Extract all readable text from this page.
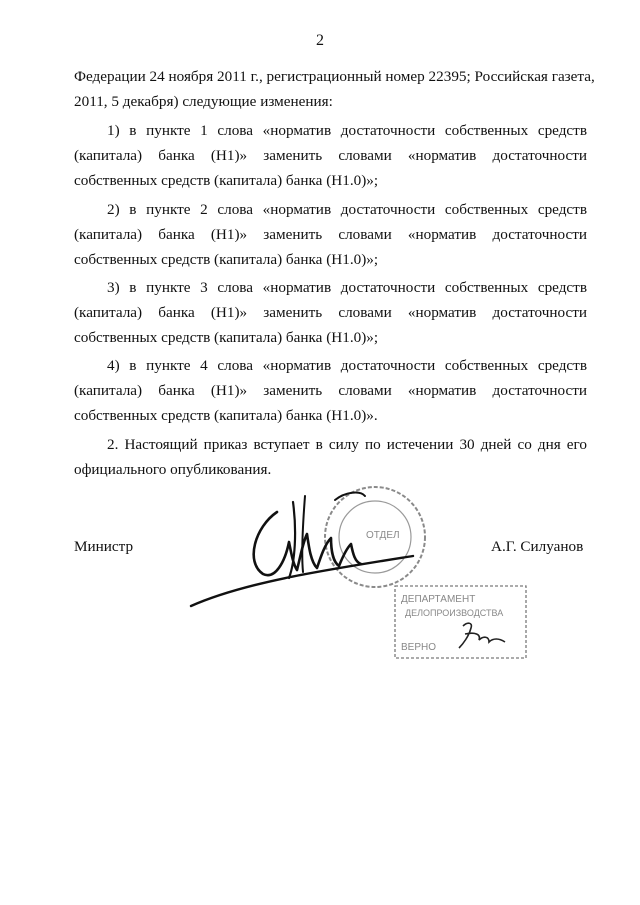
2
Федерации 24 ноября 2011 г., регистрационный номер 22395; Российская газета,
2011, 5 декабря) следующие изменения:
1) в пункте 1 слова «норматив достаточности собственных средств
(капитала) банка (Н1)» заменить словами «норматив достаточности
собственных средств (капитала) банка (Н1.0)»;
2) в пункте 2 слова «норматив достаточности собственных средств
(капитала) банка (Н1)» заменить словами «норматив достаточности
собственных средств (капитала) банка (Н1.0)»;
3) в пункте 3 слова «норматив достаточности собственных средств
(капитала) банка (Н1)» заменить словами «норматив достаточности
собственных средств (капитала) банка (Н1.0)»;
4) в пункте 4 слова «норматив достаточности собственных средств
(капитала) банка (Н1)» заменить словами «норматив достаточности
собственных средств (капитала) банка (Н1.0)».
2. Настоящий приказ вступает в силу по истечении 30 дней со дня его
официального опубликования.
Министр	А.Г. Силуанов
ОТДЕЛ
ДЕПАРТАМЕНТ
ДЕЛОПРОИЗВОДСТВА
ВЕРНО
